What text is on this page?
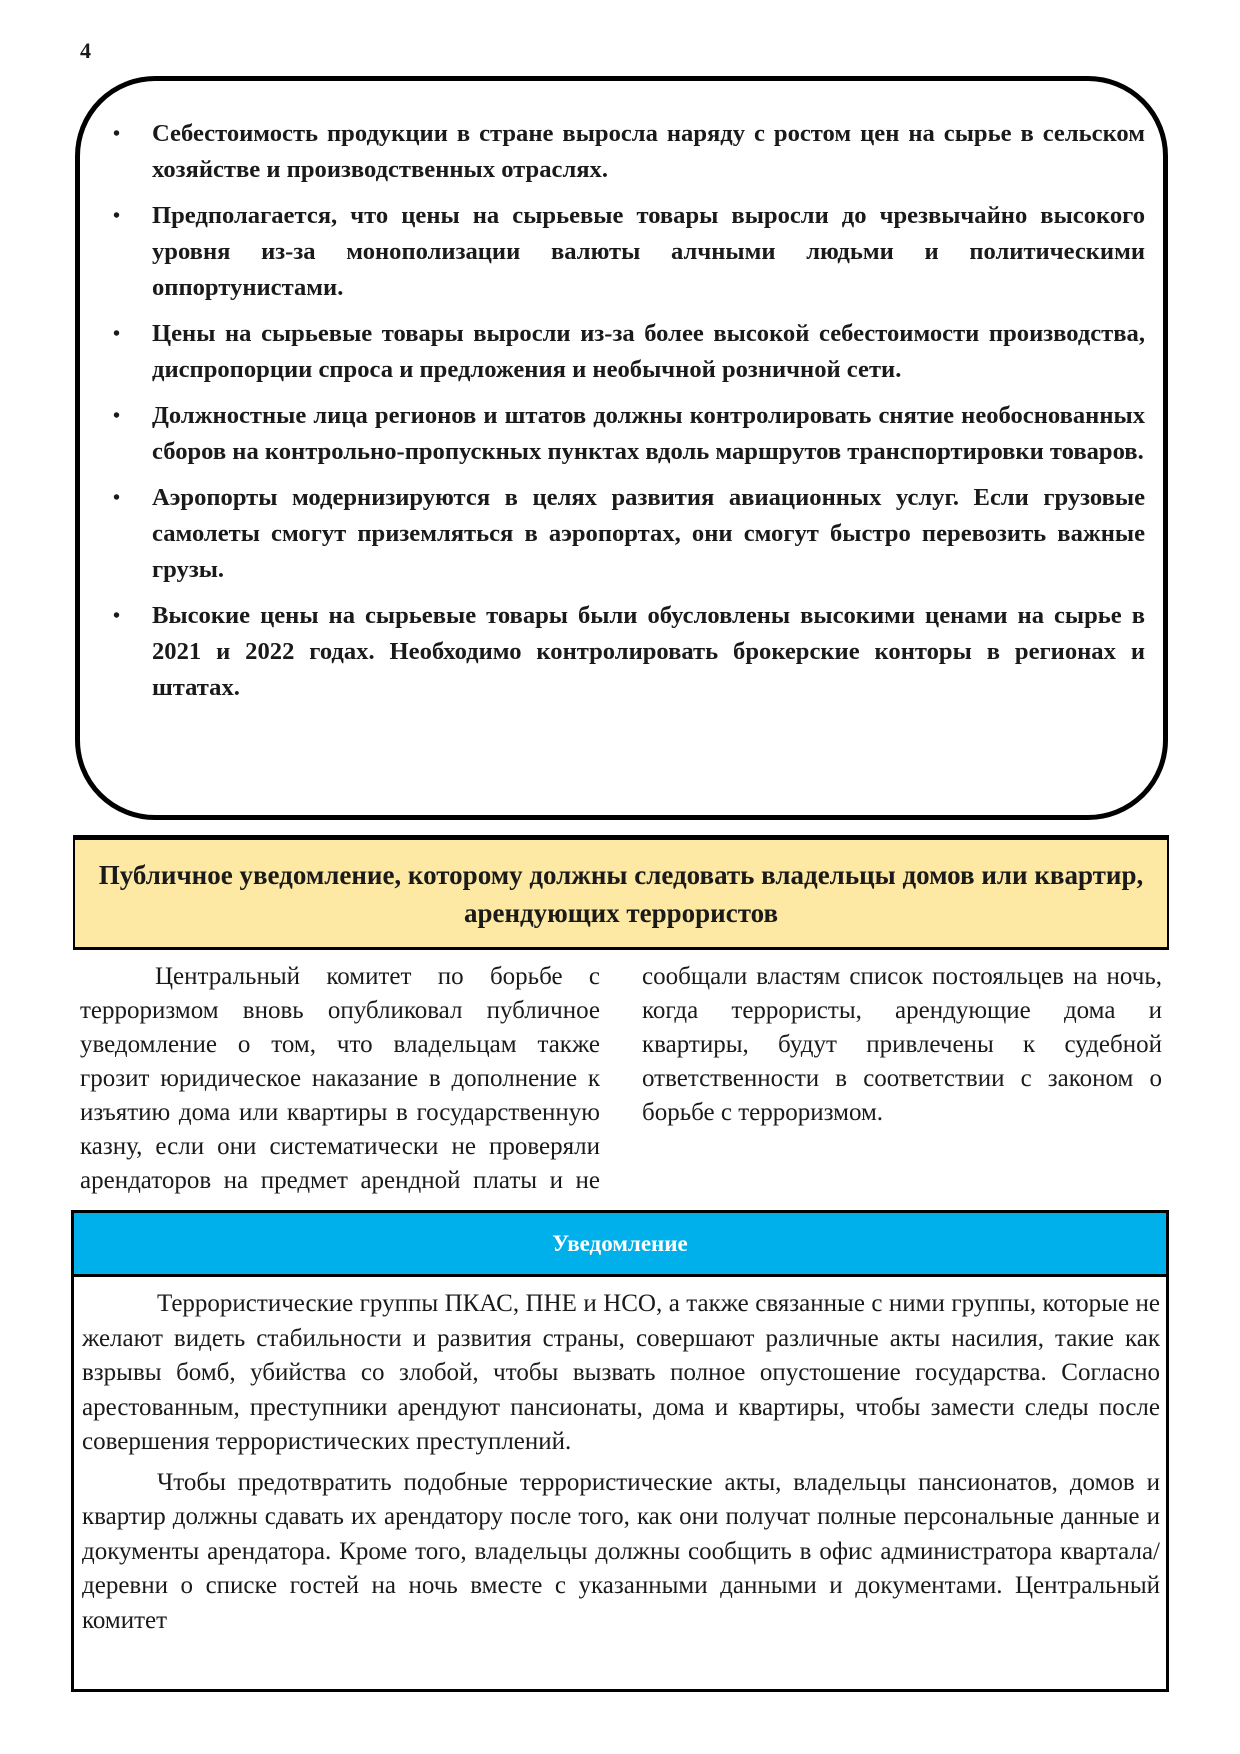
4
• Себестоимость продукции в стране выросла наряду с ростом цен на сырье в сельском хозяйстве и производственных отраслях.
• Предполагается, что цены на сырьевые товары выросли до чрезвычайно высокого уровня из-за монополизации валюты алчными людьми и политическими оппортунистами.
• Цены на сырьевые товары выросли из-за более высокой себестоимости производства, диспропорции спроса и предложения и необычной розничной сети.
• Должностные лица регионов и штатов должны контролировать снятие необоснованных сборов на контрольно-пропускных пунктах вдоль маршрутов транспортировки товаров.
• Аэропорты модернизируются в целях развития авиационных услуг. Если грузовые самолеты смогут приземляться в аэропортах, они смогут быстро перевозить важные грузы.
• Высокие цены на сырьевые товары были обусловлены высокими ценами на сырье в 2021 и 2022 годах. Необходимо контролировать брокерские конторы в регионах и штатах.
Публичное уведомление, которому должны следовать владельцы домов или квартир, арендующих террористов

Центральный комитет по борьбе с терроризмом вновь опубликовал публичное уведомление о том, что владельцам также грозит юридическое наказание в дополнение к изъятию дома или квартиры в государственную казну, если они систематически не проверяли арендаторов на предмет арендной платы и не сообщали властям список постояльцев на ночь, когда террористы, арендующие дома и квартиры, будут привлечены к судебной ответственности в соответствии с законом о борьбе с терроризмом.

Уведомление

Террористические группы ПКАС, ПНЕ и НСО, а также связанные с ними группы, которые не желают видеть стабильности и развития страны, совершают различные акты насилия, такие как взрывы бомб, убийства со злобой, чтобы вызвать полное опустошение государства. Согласно арестованным, преступники арендуют пансионаты, дома и квартиры, чтобы замести следы после совершения террористических преступлений.

Чтобы предотвратить подобные террористические акты, владельцы пансионатов, домов и квартир должны сдавать их арендатору после того, как они получат полные персональные данные и документы арендатора. Кроме того, владельцы должны сообщить в офис администратора квартала/деревни о списке гостей на ночь вместе с указанными данными и документами. Центральный комитет
